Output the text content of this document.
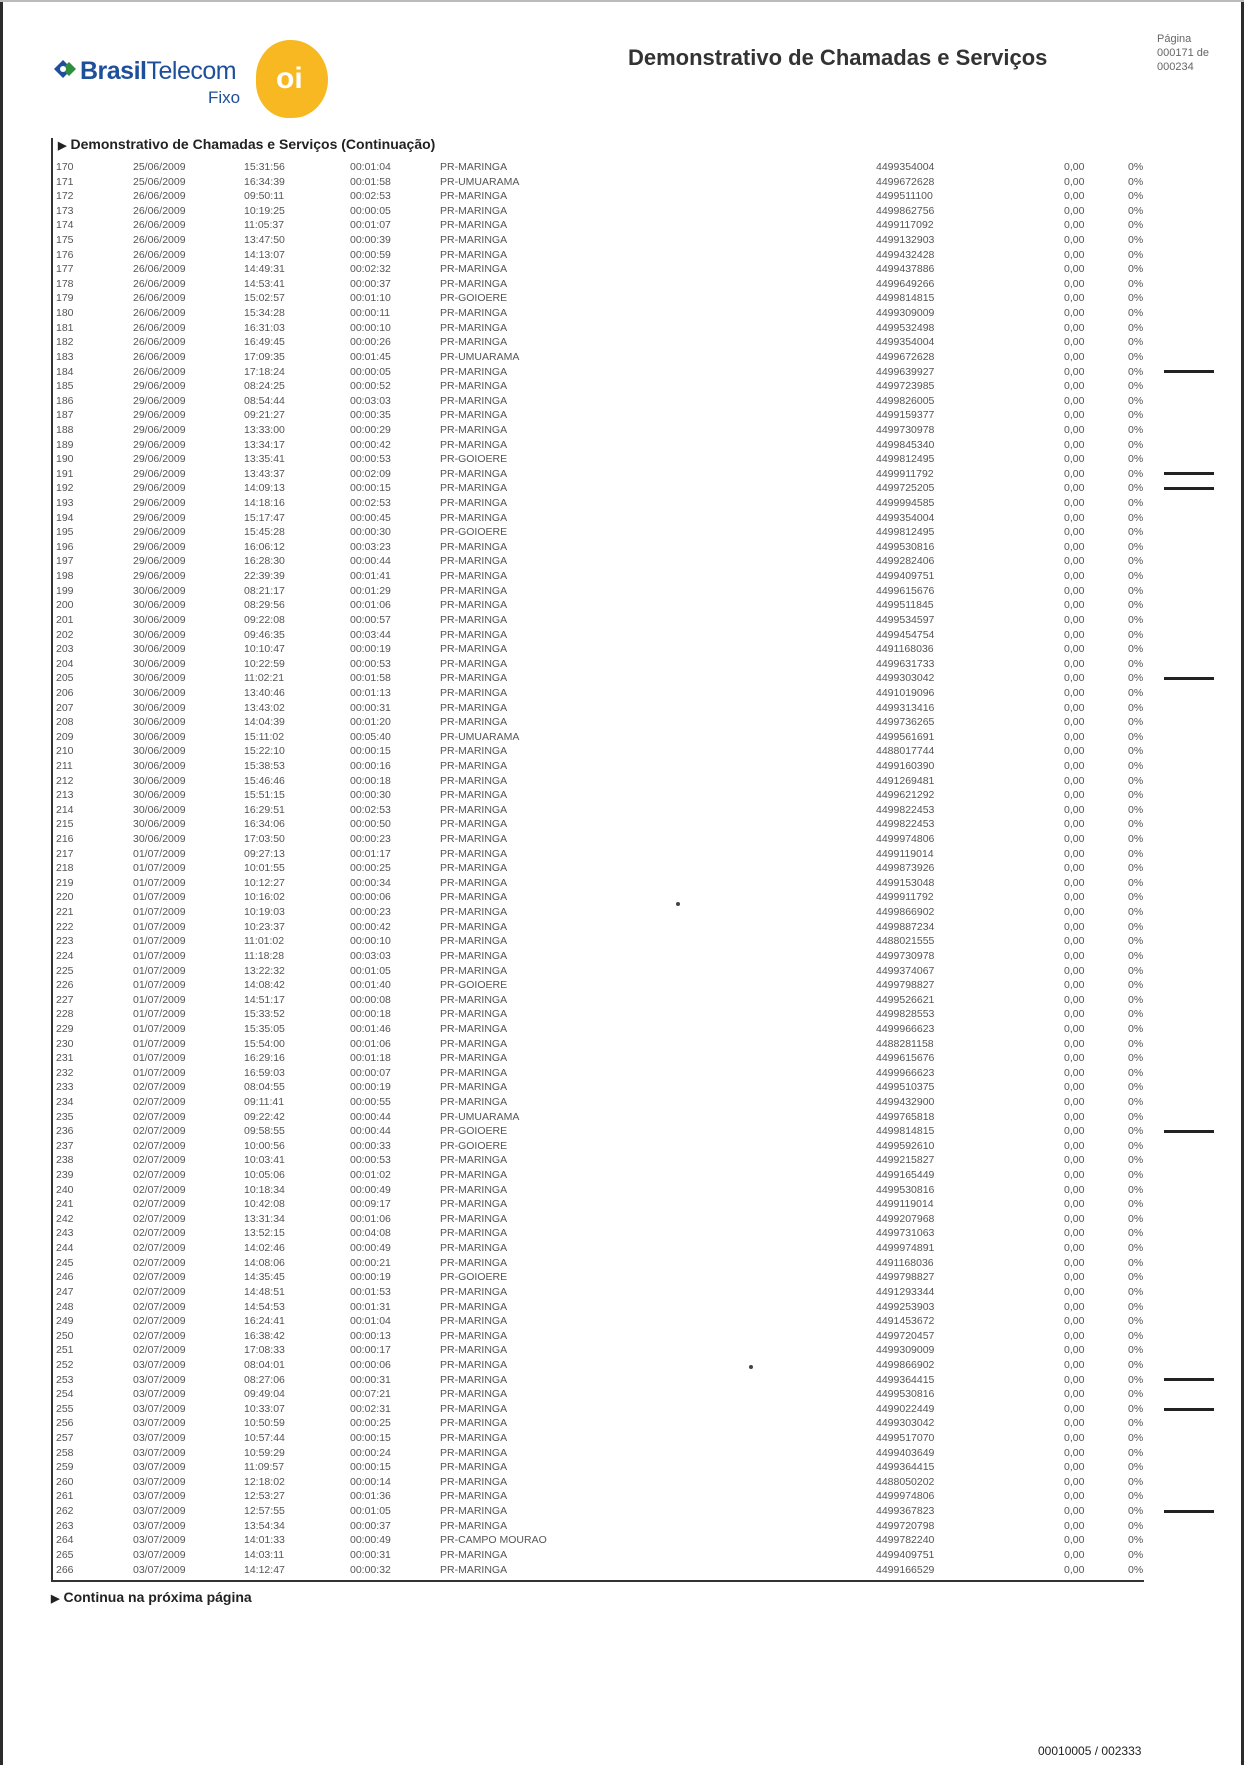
BrasilTelecom
Fixo
oi
Demonstrativo de Chamadas e Serviços
Página
000171 de 000234
▶ Demonstrativo de Chamadas e Serviços (Continuação)
170	25/06/2009	15:31:56	00:01:04	PR-MARINGA	4499354004	0,00	0%
171	25/06/2009	16:34:39	00:01:58	PR-UMUARAMA	4499672628	0,00	0%
172	26/06/2009	09:50:11	00:02:53	PR-MARINGA	4499511100	0,00	0%
173	26/06/2009	10:19:25	00:00:05	PR-MARINGA	4499862756	0,00	0%
174	26/06/2009	11:05:37	00:01:07	PR-MARINGA	4499117092	0,00	0%
175	26/06/2009	13:47:50	00:00:39	PR-MARINGA	4499132903	0,00	0%
176	26/06/2009	14:13:07	00:00:59	PR-MARINGA	4499432428	0,00	0%
177	26/06/2009	14:49:31	00:02:32	PR-MARINGA	4499437886	0,00	0%
178	26/06/2009	14:53:41	00:00:37	PR-MARINGA	4499649266	0,00	0%
179	26/06/2009	15:02:57	00:01:10	PR-GOIOERE	4499814815	0,00	0%
180	26/06/2009	15:34:28	00:00:11	PR-MARINGA	4499309009	0,00	0%
181	26/06/2009	16:31:03	00:00:10	PR-MARINGA	4499532498	0,00	0%
182	26/06/2009	16:49:45	00:00:26	PR-MARINGA	4499354004	0,00	0%
183	26/06/2009	17:09:35	00:01:45	PR-UMUARAMA	4499672628	0,00	0%
184	26/06/2009	17:18:24	00:00:05	PR-MARINGA	4499639927	0,00	0%
185	29/06/2009	08:24:25	00:00:52	PR-MARINGA	4499723985	0,00	0%
186	29/06/2009	08:54:44	00:03:03	PR-MARINGA	4499826005	0,00	0%
187	29/06/2009	09:21:27	00:00:35	PR-MARINGA	4499159377	0,00	0%
188	29/06/2009	13:33:00	00:00:29	PR-MARINGA	4499730978	0,00	0%
189	29/06/2009	13:34:17	00:00:42	PR-MARINGA	4499845340	0,00	0%
190	29/06/2009	13:35:41	00:00:53	PR-GOIOERE	4499812495	0,00	0%
191	29/06/2009	13:43:37	00:02:09	PR-MARINGA	4499911792	0,00	0%
192	29/06/2009	14:09:13	00:00:15	PR-MARINGA	4499725205	0,00	0%
193	29/06/2009	14:18:16	00:02:53	PR-MARINGA	4499994585	0,00	0%
194	29/06/2009	15:17:47	00:00:45	PR-MARINGA	4499354004	0,00	0%
195	29/06/2009	15:45:28	00:00:30	PR-GOIOERE	4499812495	0,00	0%
196	29/06/2009	16:06:12	00:03:23	PR-MARINGA	4499530816	0,00	0%
197	29/06/2009	16:28:30	00:00:44	PR-MARINGA	4499282406	0,00	0%
198	29/06/2009	22:39:39	00:01:41	PR-MARINGA	4499409751	0,00	0%
199	30/06/2009	08:21:17	00:01:29	PR-MARINGA	4499615676	0,00	0%
200	30/06/2009	08:29:56	00:01:06	PR-MARINGA	4499511845	0,00	0%
201	30/06/2009	09:22:08	00:00:57	PR-MARINGA	4499534597	0,00	0%
202	30/06/2009	09:46:35	00:03:44	PR-MARINGA	4499454754	0,00	0%
203	30/06/2009	10:10:47	00:00:19	PR-MARINGA	4491168036	0,00	0%
204	30/06/2009	10:22:59	00:00:53	PR-MARINGA	4499631733	0,00	0%
205	30/06/2009	11:02:21	00:01:58	PR-MARINGA	4499303042	0,00	0%
206	30/06/2009	13:40:46	00:01:13	PR-MARINGA	4491019096	0,00	0%
207	30/06/2009	13:43:02	00:00:31	PR-MARINGA	4499313416	0,00	0%
208	30/06/2009	14:04:39	00:01:20	PR-MARINGA	4499736265	0,00	0%
209	30/06/2009	15:11:02	00:05:40	PR-UMUARAMA	4499561691	0,00	0%
210	30/06/2009	15:22:10	00:00:15	PR-MARINGA	4488017744	0,00	0%
211	30/06/2009	15:38:53	00:00:16	PR-MARINGA	4499160390	0,00	0%
212	30/06/2009	15:46:46	00:00:18	PR-MARINGA	4491269481	0,00	0%
213	30/06/2009	15:51:15	00:00:30	PR-MARINGA	4499621292	0,00	0%
214	30/06/2009	16:29:51	00:02:53	PR-MARINGA	4499822453	0,00	0%
215	30/06/2009	16:34:06	00:00:50	PR-MARINGA	4499822453	0,00	0%
216	30/06/2009	17:03:50	00:00:23	PR-MARINGA	4499974806	0,00	0%
217	01/07/2009	09:27:13	00:01:17	PR-MARINGA	4499119014	0,00	0%
218	01/07/2009	10:01:55	00:00:25	PR-MARINGA	4499873926	0,00	0%
219	01/07/2009	10:12:27	00:00:34	PR-MARINGA	4499153048	0,00	0%
220	01/07/2009	10:16:02	00:00:06	PR-MARINGA	4499911792	0,00	0%
221	01/07/2009	10:19:03	00:00:23	PR-MARINGA	4499866902	0,00	0%
222	01/07/2009	10:23:37	00:00:42	PR-MARINGA	4499887234	0,00	0%
223	01/07/2009	11:01:02	00:00:10	PR-MARINGA	4488021555	0,00	0%
224	01/07/2009	11:18:28	00:03:03	PR-MARINGA	4499730978	0,00	0%
225	01/07/2009	13:22:32	00:01:05	PR-MARINGA	4499374067	0,00	0%
226	01/07/2009	14:08:42	00:01:40	PR-GOIOERE	4499798827	0,00	0%
227	01/07/2009	14:51:17	00:00:08	PR-MARINGA	4499526621	0,00	0%
228	01/07/2009	15:33:52	00:00:18	PR-MARINGA	4499828553	0,00	0%
229	01/07/2009	15:35:05	00:01:46	PR-MARINGA	4499966623	0,00	0%
230	01/07/2009	15:54:00	00:01:06	PR-MARINGA	4488281158	0,00	0%
231	01/07/2009	16:29:16	00:01:18	PR-MARINGA	4499615676	0,00	0%
232	01/07/2009	16:59:03	00:00:07	PR-MARINGA	4499966623	0,00	0%
233	02/07/2009	08:04:55	00:00:19	PR-MARINGA	4499510375	0,00	0%
234	02/07/2009	09:11:41	00:00:55	PR-MARINGA	4499432900	0,00	0%
235	02/07/2009	09:22:42	00:00:44	PR-UMUARAMA	4499765818	0,00	0%
236	02/07/2009	09:58:55	00:00:44	PR-GOIOERE	4499814815	0,00	0%
237	02/07/2009	10:00:56	00:00:33	PR-GOIOERE	4499592610	0,00	0%
238	02/07/2009	10:03:41	00:00:53	PR-MARINGA	4499215827	0,00	0%
239	02/07/2009	10:05:06	00:01:02	PR-MARINGA	4499165449	0,00	0%
240	02/07/2009	10:18:34	00:00:49	PR-MARINGA	4499530816	0,00	0%
241	02/07/2009	10:42:08	00:09:17	PR-MARINGA	4499119014	0,00	0%
242	02/07/2009	13:31:34	00:01:06	PR-MARINGA	4499207968	0,00	0%
243	02/07/2009	13:52:15	00:04:08	PR-MARINGA	4499731063	0,00	0%
244	02/07/2009	14:02:46	00:00:49	PR-MARINGA	4499974891	0,00	0%
245	02/07/2009	14:08:06	00:00:21	PR-MARINGA	4491168036	0,00	0%
246	02/07/2009	14:35:45	00:00:19	PR-GOIOERE	4499798827	0,00	0%
247	02/07/2009	14:48:51	00:01:53	PR-MARINGA	4491293344	0,00	0%
248	02/07/2009	14:54:53	00:01:31	PR-MARINGA	4499253903	0,00	0%
249	02/07/2009	16:24:41	00:01:04	PR-MARINGA	4491453672	0,00	0%
250	02/07/2009	16:38:42	00:00:13	PR-MARINGA	4499720457	0,00	0%
251	02/07/2009	17:08:33	00:00:17	PR-MARINGA	4499309009	0,00	0%
252	03/07/2009	08:04:01	00:00:06	PR-MARINGA	4499866902	0,00	0%
253	03/07/2009	08:27:06	00:00:31	PR-MARINGA	4499364415	0,00	0%
254	03/07/2009	09:49:04	00:07:21	PR-MARINGA	4499530816	0,00	0%
255	03/07/2009	10:33:07	00:02:31	PR-MARINGA	4499022449	0,00	0%
256	03/07/2009	10:50:59	00:00:25	PR-MARINGA	4499303042	0,00	0%
257	03/07/2009	10:57:44	00:00:15	PR-MARINGA	4499517070	0,00	0%
258	03/07/2009	10:59:29	00:00:24	PR-MARINGA	4499403649	0,00	0%
259	03/07/2009	11:09:57	00:00:15	PR-MARINGA	4499364415	0,00	0%
260	03/07/2009	12:18:02	00:00:14	PR-MARINGA	4488050202	0,00	0%
261	03/07/2009	12:53:27	00:01:36	PR-MARINGA	4499974806	0,00	0%
262	03/07/2009	12:57:55	00:01:05	PR-MARINGA	4499367823	0,00	0%
263	03/07/2009	13:54:34	00:00:37	PR-MARINGA	4499720798	0,00	0%
264	03/07/2009	14:01:33	00:00:49	PR-CAMPO MOURAO	4499782240	0,00	0%
265	03/07/2009	14:03:11	00:00:31	PR-MARINGA	4499409751	0,00	0%
266	03/07/2009	14:12:47	00:00:32	PR-MARINGA	4499166529	0,00	0%
▶ Continua na próxima página
00010005 / 002333
